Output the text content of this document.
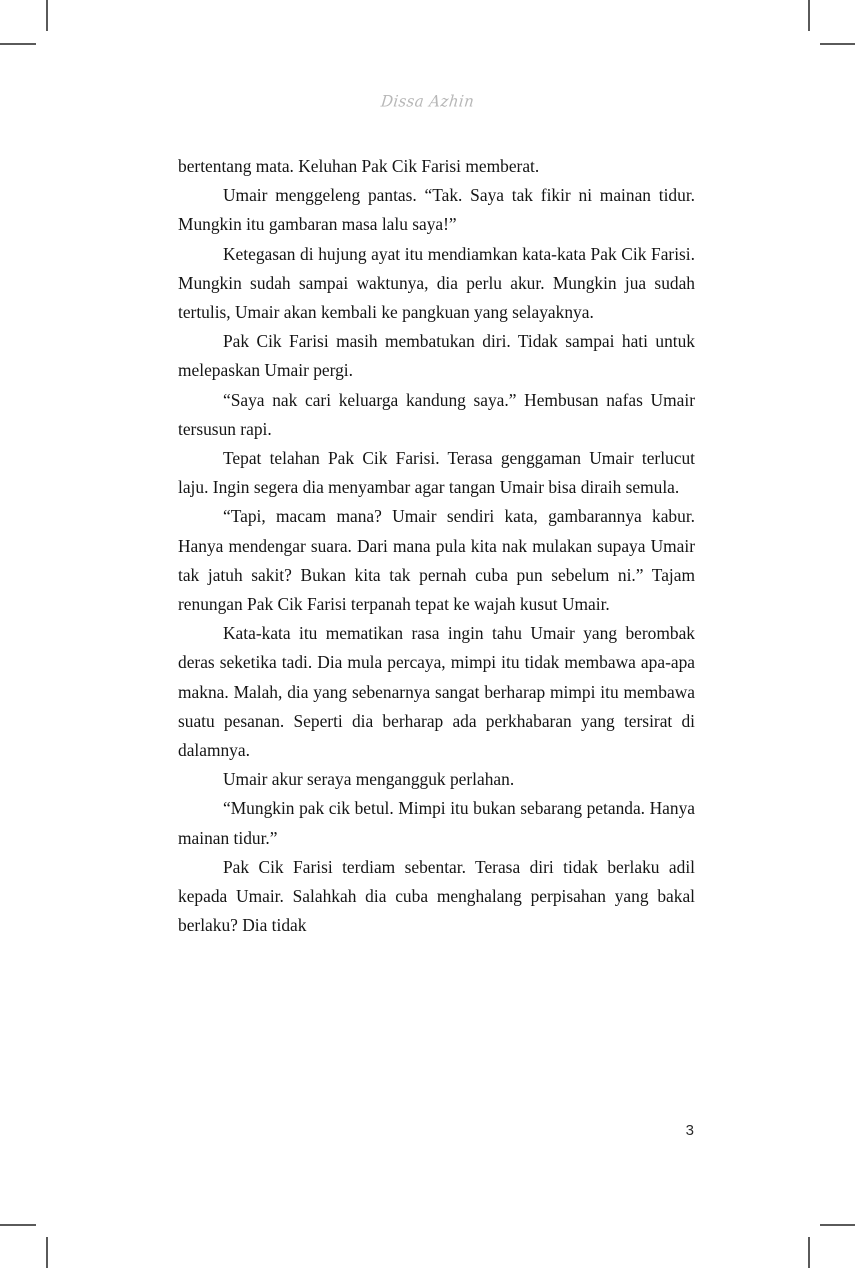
Dissa Azhin

bertentang mata. Keluhan Pak Cik Farisi memberat.

Umair menggeleng pantas. “Tak. Saya tak fikir ni mainan tidur. Mungkin itu gambaran masa lalu saya!”

Ketegasan di hujung ayat itu mendiamkan kata-kata Pak Cik Farisi. Mungkin sudah sampai waktunya, dia perlu akur. Mungkin jua sudah tertulis, Umair akan kembali ke pangkuan yang selayaknya.

Pak Cik Farisi masih membatukan diri. Tidak sampai hati untuk melepaskan Umair pergi.

“Saya nak cari keluarga kandung saya.” Hembusan nafas Umair tersusun rapi.

Tepat telahan Pak Cik Farisi. Terasa genggaman Umair terlucut laju. Ingin segera dia menyambar agar tangan Umair bisa diraih semula.

“Tapi, macam mana? Umair sendiri kata, gambarannya kabur. Hanya mendengar suara. Dari mana pula kita nak mulakan supaya Umair tak jatuh sakit? Bukan kita tak pernah cuba pun sebelum ni.” Tajam renungan Pak Cik Farisi terpanah tepat ke wajah kusut Umair.

Kata-kata itu mematikan rasa ingin tahu Umair yang berombak deras seketika tadi. Dia mula percaya, mimpi itu tidak membawa apa-apa makna. Malah, dia yang sebenarnya sangat berharap mimpi itu membawa suatu pesanan. Seperti dia berharap ada perkhabaran yang tersirat di dalamnya.

Umair akur seraya mengangguk perlahan.

“Mungkin pak cik betul. Mimpi itu bukan sebarang petanda. Hanya mainan tidur.”

Pak Cik Farisi terdiam sebentar. Terasa diri tidak berlaku adil kepada Umair. Salahkah dia cuba menghalang perpisahan yang bakal berlaku? Dia tidak

3
